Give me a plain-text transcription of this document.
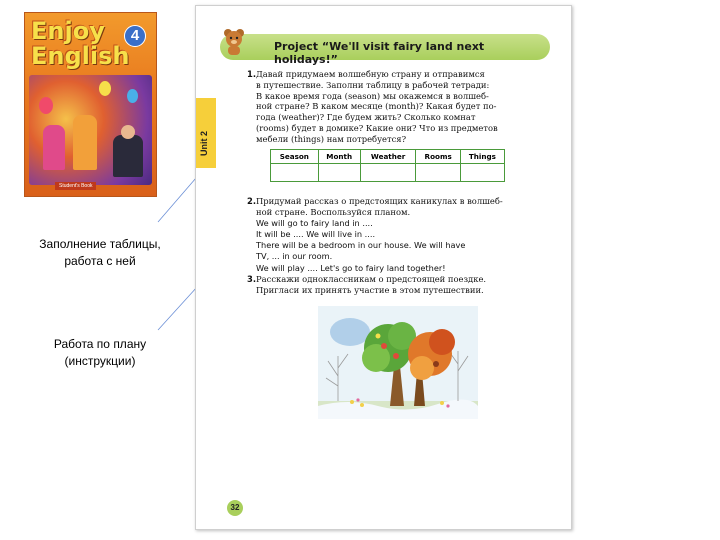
Enjoy
English
4
Student's Book
Заполнение таблицы,
работа с ней
Работа по плану
(инструкции)
Project “We'll visit fairy land next holidays!”
Unit 2
1. Давай придумаем волшебную страну и отправимся
в путешествие. Заполни таблицу в рабочей тетради:
В какое время года (season) мы окажемся в волшеб-
ной стране? В каком месяце (month)? Какая будет по-
года (weather)? Где будем жить? Сколько комнат
(rooms) будет в домике? Какие они? Что из предметов
мебели (things) нам потребуется?
Season	Month	Weather	Rooms	Things

2. Придумай рассказ о предстоящих каникулах в волшеб-
ной стране. Воспользуйся планом.
We will go to fairy land in ....
It will be .... We will live in ....
There will be a bedroom in our house. We will have
TV, ... in our room.
We will play .... Let's go to fairy land together!
3. Расскажи одноклассникам о предстоящей поездке.
Пригласи их принять участие в этом путешествии.
32
